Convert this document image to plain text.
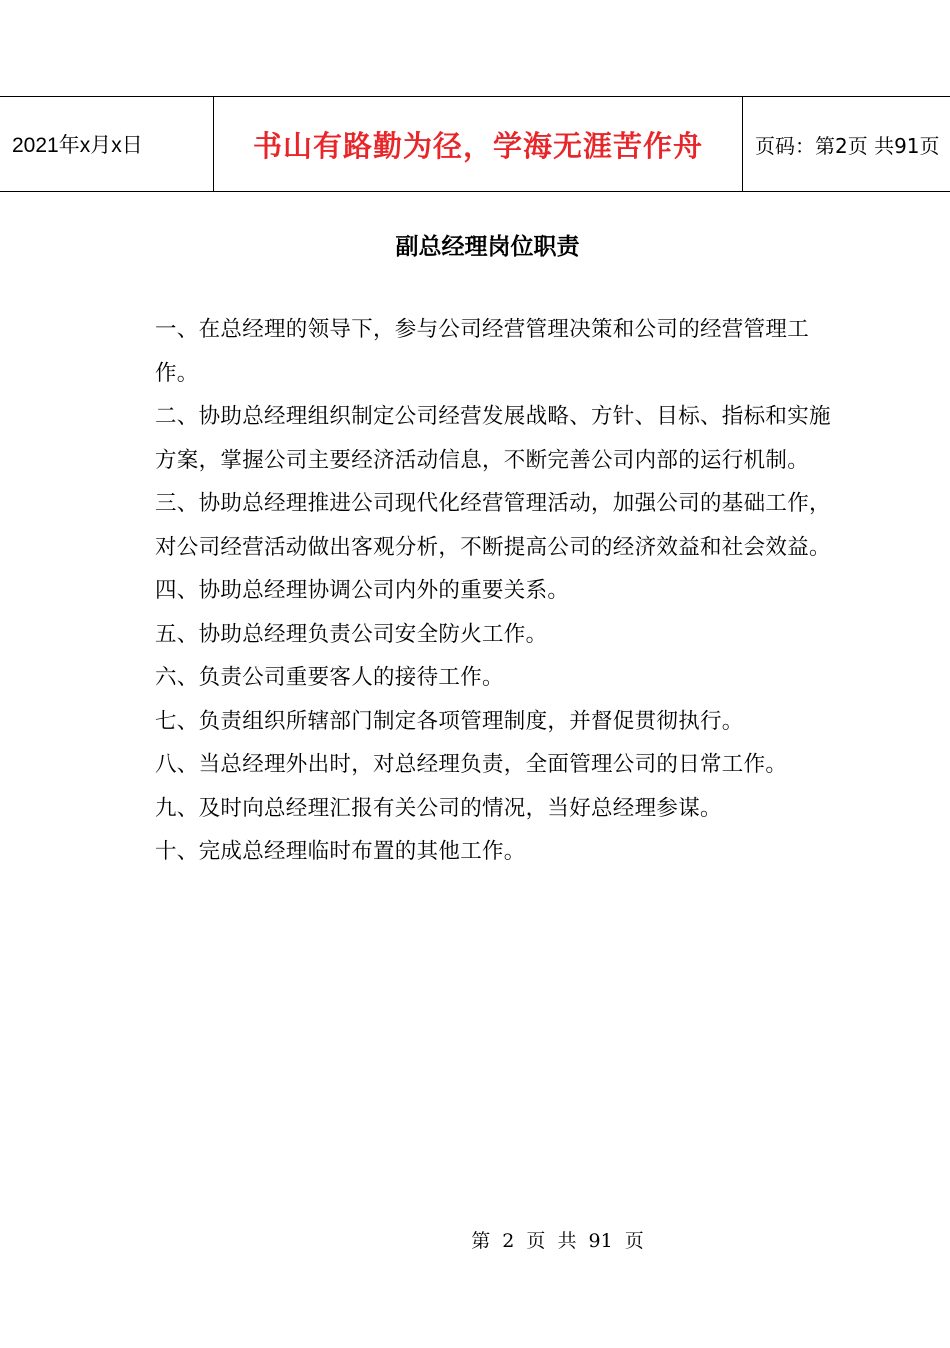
2021年x月x日	书山有路勤为径，学海无涯苦作舟	页码：第2页 共91页
副总经理岗位职责

一、在总经理的领导下，参与公司经营管理决策和公司的经营管理工作。

二、协助总经理组织制定公司经营发展战略、方针、目标、指标和实施方案，掌握公司主要经济活动信息，不断完善公司内部的运行机制。

三、协助总经理推进公司现代化经营管理活动，加强公司的基础工作，对公司经营活动做出客观分析，不断提高公司的经济效益和社会效益。

四、协助总经理协调公司内外的重要关系。

五、协助总经理负责公司安全防火工作。

六、负责公司重要客人的接待工作。

七、负责组织所辖部门制定各项管理制度，并督促贯彻执行。

八、当总经理外出时，对总经理负责，全面管理公司的日常工作。

九、及时向总经理汇报有关公司的情况，当好总经理参谋。

十、完成总经理临时布置的其他工作。

第 2 页 共 91 页
